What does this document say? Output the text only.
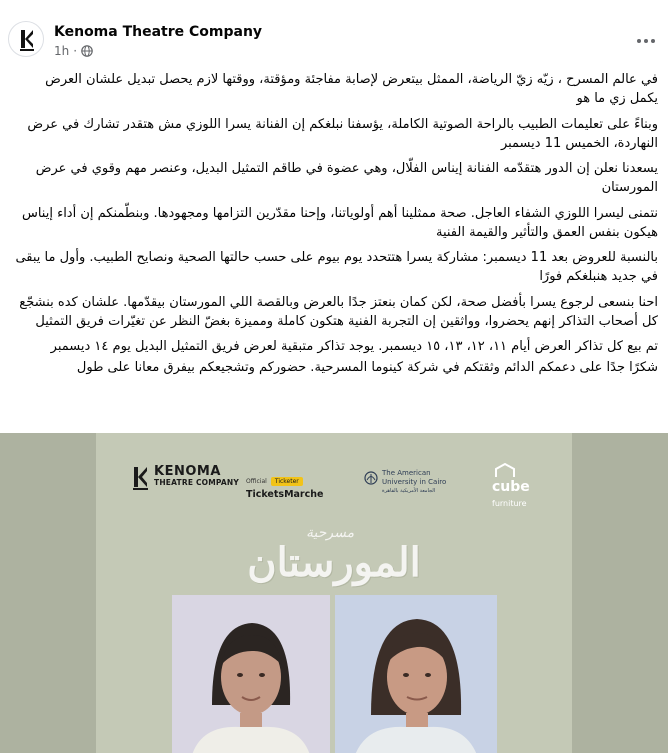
Kenoma Theatre Company
1h ·

في عالم المسرح ، زيّه زيّ الرياضة، الممثل بيتعرض لإصابة مفاجئة ومؤقتة، ووقتها لازم يحصل تبديل علشان العرض يكمل زي ما هو

وبناءً على تعليمات الطبيب بالراحة الصوتية الكاملة، يؤسفنا نبلغكم إن الفنانة يسرا اللوزي مش هتقدر تشارك في عرض النهاردة، الخميس 11 ديسمبر

يسعدنا نعلن إن الدور هتقدّمه الفنانة إيناس الفلّال، وهي عضوة في طاقم التمثيل البديل، وعنصر مهم وقوي في عرض المورستان

نتمنى ليسرا اللوزي الشفاء العاجل. صحة ممثلينا أهم أولوياتنا، وإحنا مقدّرين التزامها ومجهودها. وبنطّمنكم إن أداء إيناس هيكون بنفس العمق والتأثير والقيمة الفنية

بالنسبة للعروض بعد 11 ديسمبر: مشاركة يسرا هتتحدد يوم بيوم على حسب حالتها الصحية ونصايح الطبيب. وأول ما يبقى في جديد هنبلغكم فورًا

احنا بنسعى لرجوع يسرا بأفضل صحة، لكن كمان بنعتز جدًا بالعرض وبالقصة اللي المورستان بيقدّمها. علشان كده بنشجّع كل أصحاب التذاكر إنهم يحضروا، وواثقين إن التجربة الفنية هتكون كاملة ومميزة بغضّ النظر عن تغيّرات فريق التمثيل

تم بيع كل تذاكر العرض أيام ١١، ١٢، ١٣، ١٥ ديسمبر. يوجد تذاكر متبقية لعرض فريق التمثيل البديل يوم ١٤ ديسمبر

شكرًا جدًا على دعمكم الدائم وثقتكم في شركة كينوما المسرحية. حضوركم وتشجيعكم بيفرق معانا على طول

KENOMA
THEATRE COMPANY Official Ticketer
TicketsMarche
The American
University in Cairo
الجامعة الأمريكية بالقاهرة	cube
furniture
مسرحية
المورستان
